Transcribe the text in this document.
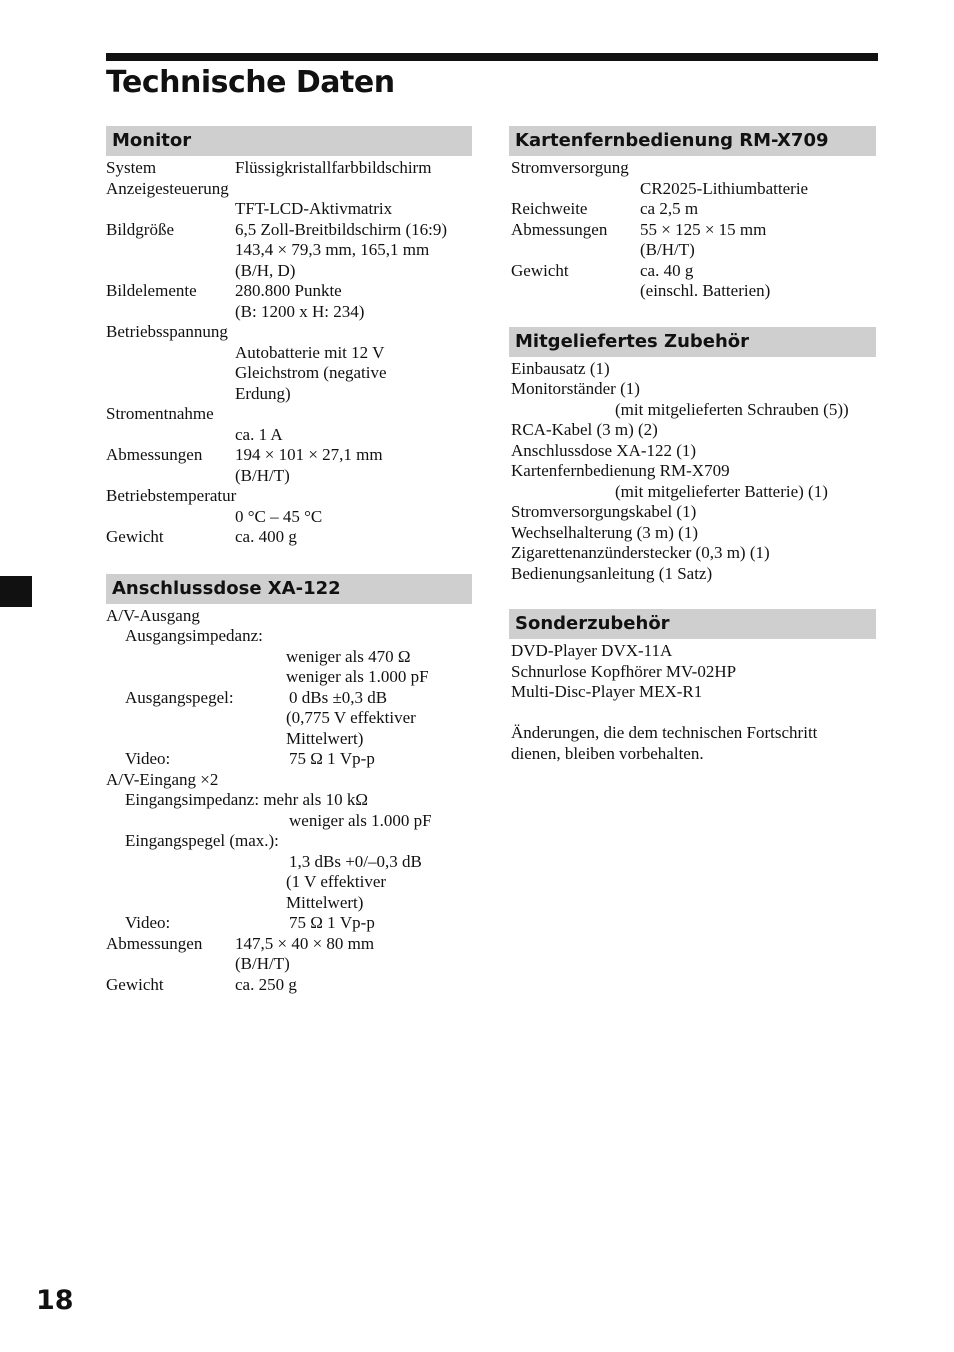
Technische Daten
Monitor
System	Flüssigkristallfarbbildschirm
Anzeigesteuerung
TFT-LCD-Aktivmatrix
Bildgröße	6,5 Zoll-Breitbildschirm (16:9)
143,4 × 79,3 mm, 165,1 mm
(B/H, D)
Bildelemente 280.800 Punkte
(B: 1200 x H: 234)
Betriebsspannung
Autobatterie mit 12 V
Gleichstrom (negative
Erdung)
Stromentnahme
ca. 1 A
Abmessungen 194 × 101 × 27,1 mm
(B/H/T)
Betriebstemperatur
0 °C – 45 °C
Gewicht	ca. 400 g
Anschlussdose XA-122
A/V-Ausgang
Ausgangsimpedanz:
weniger als 470 Ω
weniger als 1.000 pF
Ausgangspegel:	0 dBs ±0,3 dB
(0,775 V effektiver
Mittelwert)
Video:	75 Ω 1 Vp-p
A/V-Eingang ×2
Eingangsimpedanz: mehr als 10 kΩ
weniger als 1.000 pF
Eingangspegel (max.):
1,3 dBs +0/–0,3 dB
(1 V effektiver
Mittelwert)
Video:	75 Ω 1 Vp-p
Abmessungen 147,5 × 40 × 80 mm
(B/H/T)
Gewicht	ca. 250 g
Kartenfernbedienung RM-X709
Stromversorgung
CR2025-Lithiumbatterie
Reichweite	ca 2,5 m
Abmessungen 55 × 125 × 15 mm
(B/H/T)
Gewicht	ca. 40 g
(einschl. Batterien)
Mitgeliefertes Zubehör
Einbausatz (1)
Monitorständer (1)
(mit mitgelieferten Schrauben (5))
RCA-Kabel (3 m) (2)
Anschlussdose XA-122 (1)
Kartenfernbedienung RM-X709
(mit mitgelieferter Batterie) (1)
Stromversorgungskabel (1)
Wechselhalterung (3 m) (1)
Zigarettenanzünderstecker (0,3 m) (1)
Bedienungsanleitung (1 Satz)
Sonderzubehör
DVD-Player DVX-11A
Schnurlose Kopfhörer MV-02HP
Multi-Disc-Player MEX-R1
Änderungen, die dem technischen Fortschritt
dienen, bleiben vorbehalten.
18
